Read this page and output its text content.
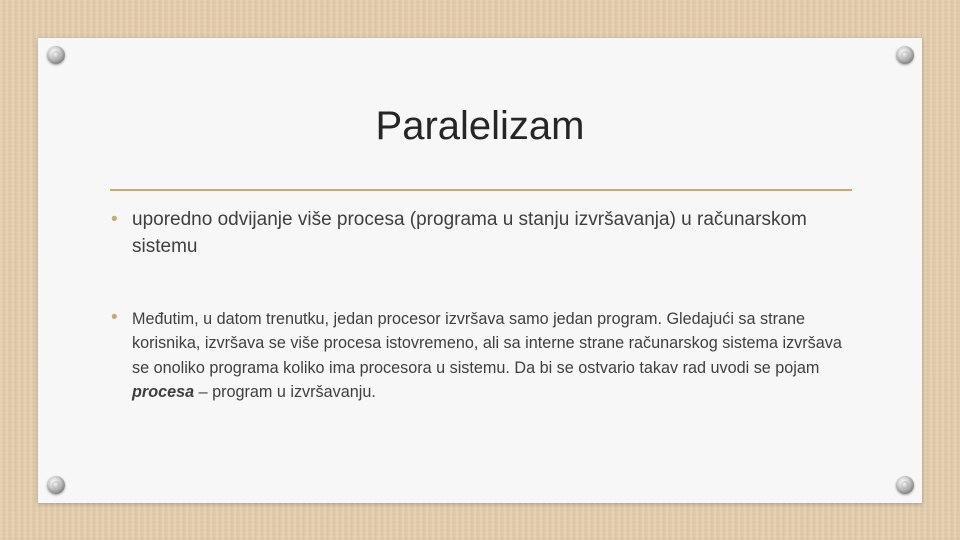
Paralelizam
• uporedno odvijanje više procesa (programa u stanju izvršavanja) u računarskom sistemu
• Međutim, u datom trenutku, jedan procesor izvršava samo jedan program. Gledajući sa strane korisnika, izvršava se više procesa istovremeno, ali sa interne strane računarskog sistema izvršava se onoliko programa koliko ima procesora u sistemu. Da bi se ostvario takav rad uvodi se pojam procesa – program u izvršavanju.
